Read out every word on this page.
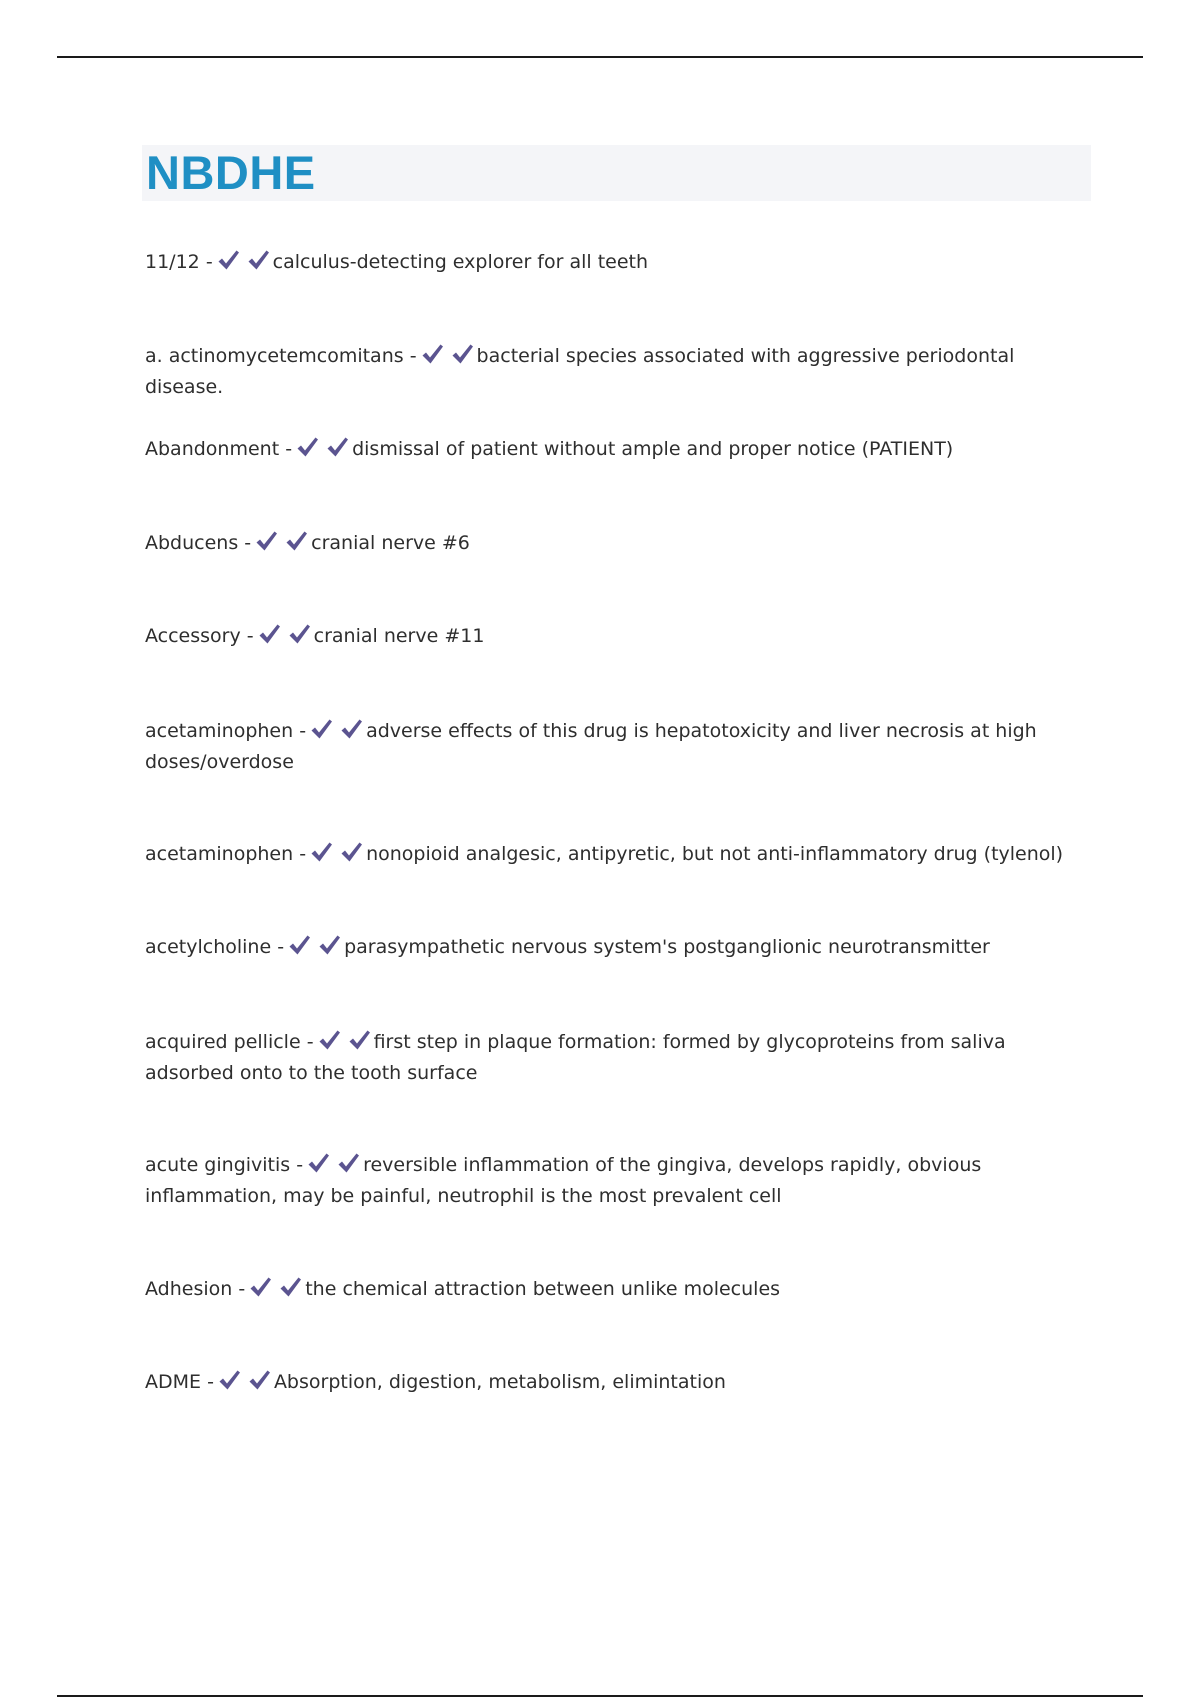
NBDHE
11/12 -	calculus-detecting explorer for all teeth
a. actinomycetemcomitans -	bacterial species associated with aggressive periodontal disease.
Abandonment -	dismissal of patient without ample and proper notice (PATIENT)
Abducens -	cranial nerve #6
Accessory -	cranial nerve #11
acetaminophen -	adverse effects of this drug is hepatotoxicity and liver necrosis at high doses/overdose
acetaminophen -	nonopioid analgesic, antipyretic, but not anti-inflammatory drug (tylenol)
acetylcholine -	parasympathetic nervous system's postganglionic neurotransmitter
acquired pellicle -	first step in plaque formation: formed by glycoproteins from saliva adsorbed onto to the tooth surface
acute gingivitis -	reversible inflammation of the gingiva, develops rapidly, obvious inflammation, may be painful, neutrophil is the most prevalent cell
Adhesion -	the chemical attraction between unlike molecules
ADME -	Absorption, digestion, metabolism, elimintation
